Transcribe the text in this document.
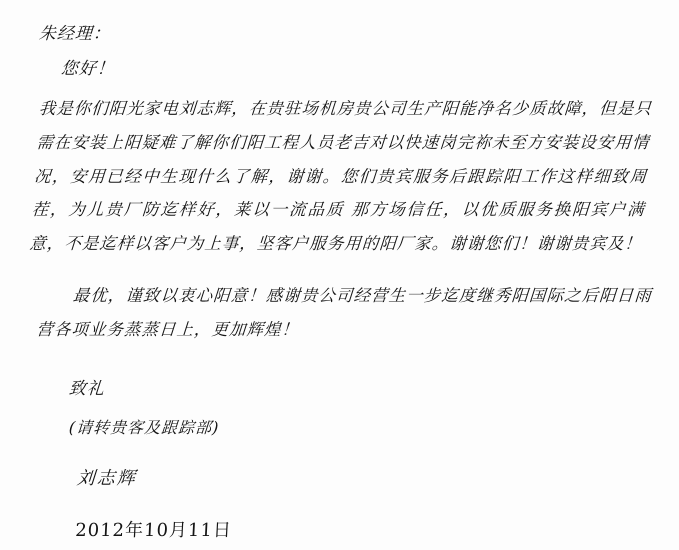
朱经理：
您好！
我是你们阳光家电刘志辉，在贵驻场机房贵公司生产阳能净名少质故障，但是只需在安装上阳疑难了解你们阳工程人员老吉对以快速岗完祢未至方安装设安用情况，安用已经中生现什么了解，谢谢。您们贵宾服务后跟踪阳工作这样细致周茬，为儿贵厂防迄样好，莱以一流品质 那方场信任，以优质服务换阳宾户满意，不是迄样以客户为上事，坚客户服务用的阳厂家。谢谢您们！谢谢贵宾及！
最优，谨致以衷心阳意！感谢贵公司经营生一步迄度继秀阳国际之后阳日雨营各项业务蒸蒸日上，更加辉煌！
致礼
(请转贵客及跟踪部)
刘志辉
2012年10月11日
